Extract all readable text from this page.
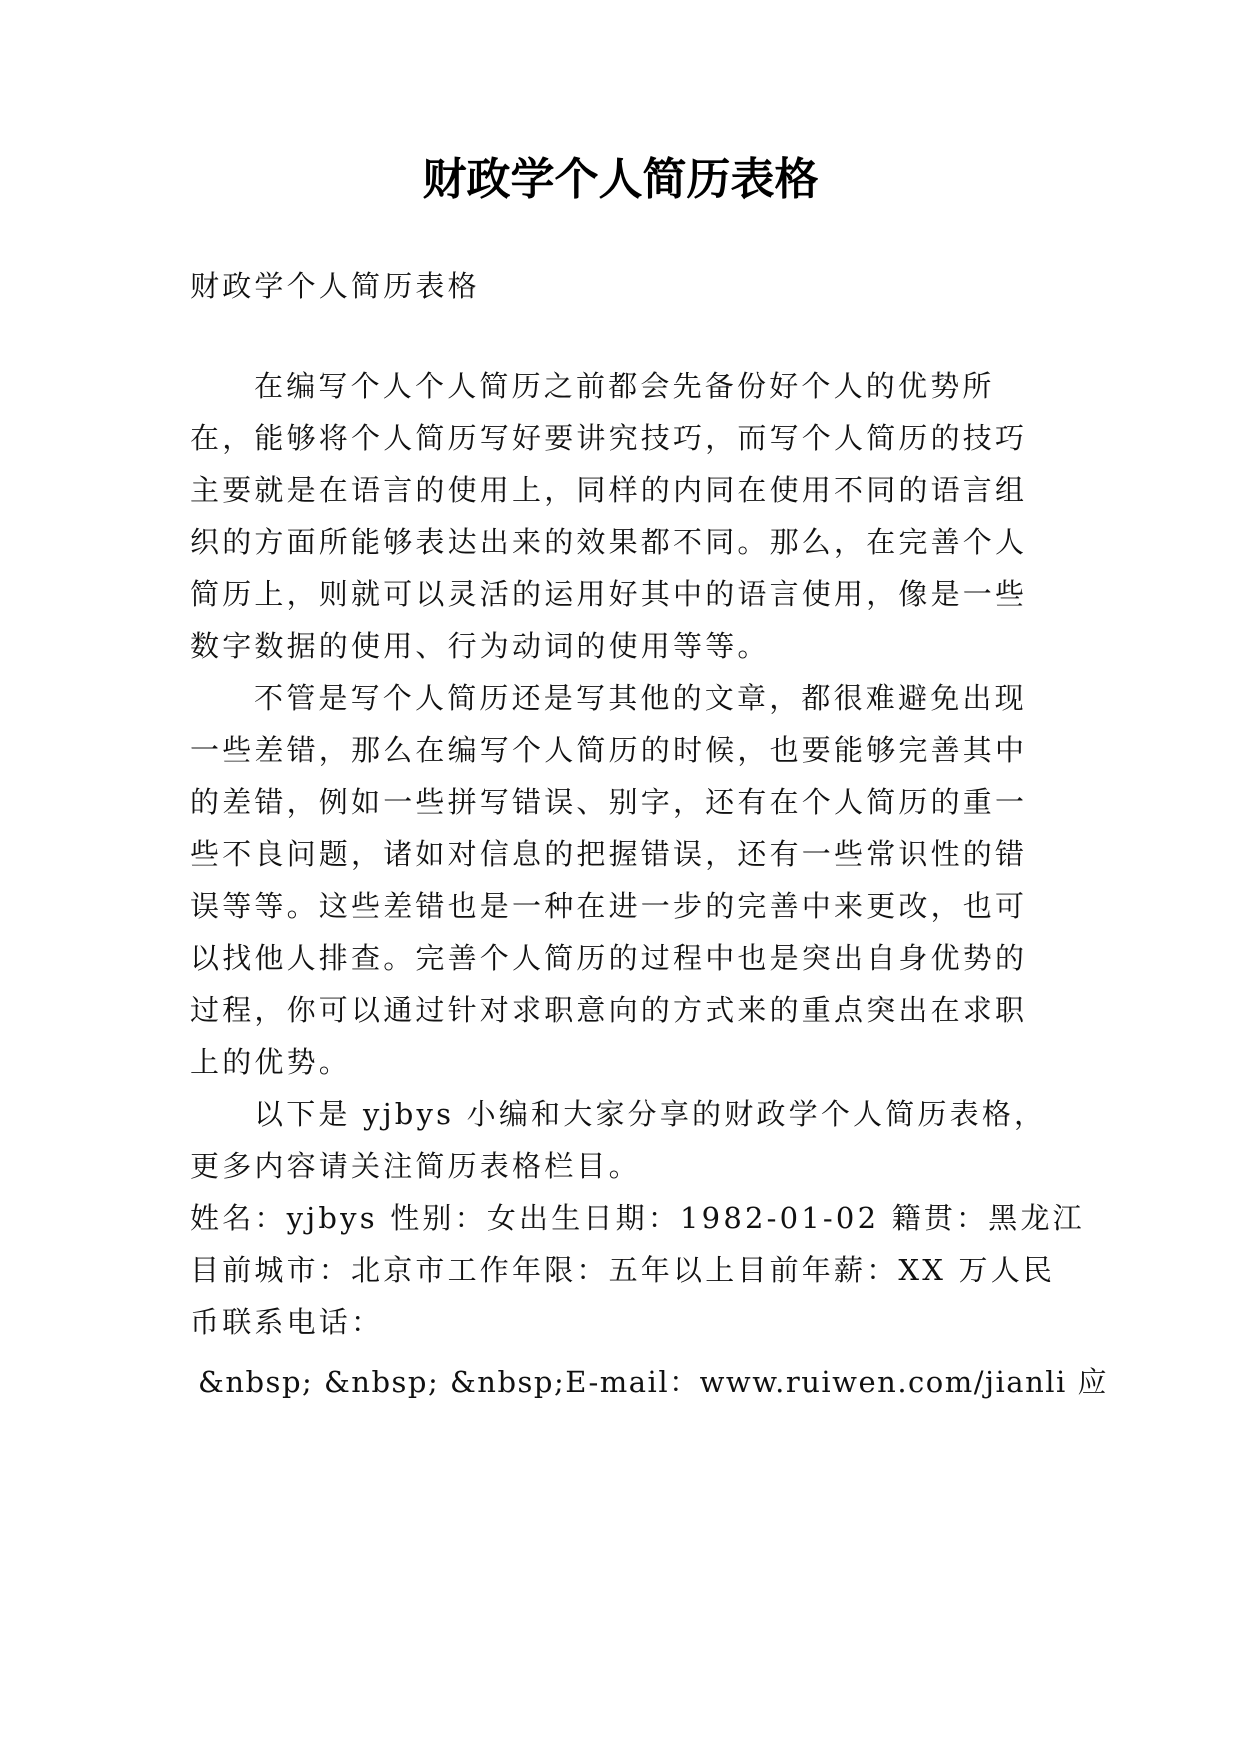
财政学个人简历表格
财政学个人简历表格
在编写个人个人简历之前都会先备份好个人的优势所
在，能够将个人简历写好要讲究技巧，而写个人简历的技巧
主要就是在语言的使用上，同样的内同在使用不同的语言组
织的方面所能够表达出来的效果都不同。那么，在完善个人
简历上，则就可以灵活的运用好其中的语言使用，像是一些
数字数据的使用、行为动词的使用等等。
不管是写个人简历还是写其他的文章，都很难避免出现
一些差错，那么在编写个人简历的时候，也要能够完善其中
的差错，例如一些拼写错误、别字，还有在个人简历的重一
些不良问题，诸如对信息的把握错误，还有一些常识性的错
误等等。这些差错也是一种在进一步的完善中来更改，也可
以找他人排查。完善个人简历的过程中也是突出自身优势的
过程，你可以通过针对求职意向的方式来的重点突出在求职
上的优势。
以下是 yjbys 小编和大家分享的财政学个人简历表格，
更多内容请关注简历表格栏目。
姓名：yjbys 性别：女出生日期：1982-01-02 籍贯：黑龙江
目前城市：北京市工作年限：五年以上目前年薪：XX 万人民
币联系电话：
&nbsp; &nbsp; &nbsp;E-mail：www.ruiwen.com/jianli 应
